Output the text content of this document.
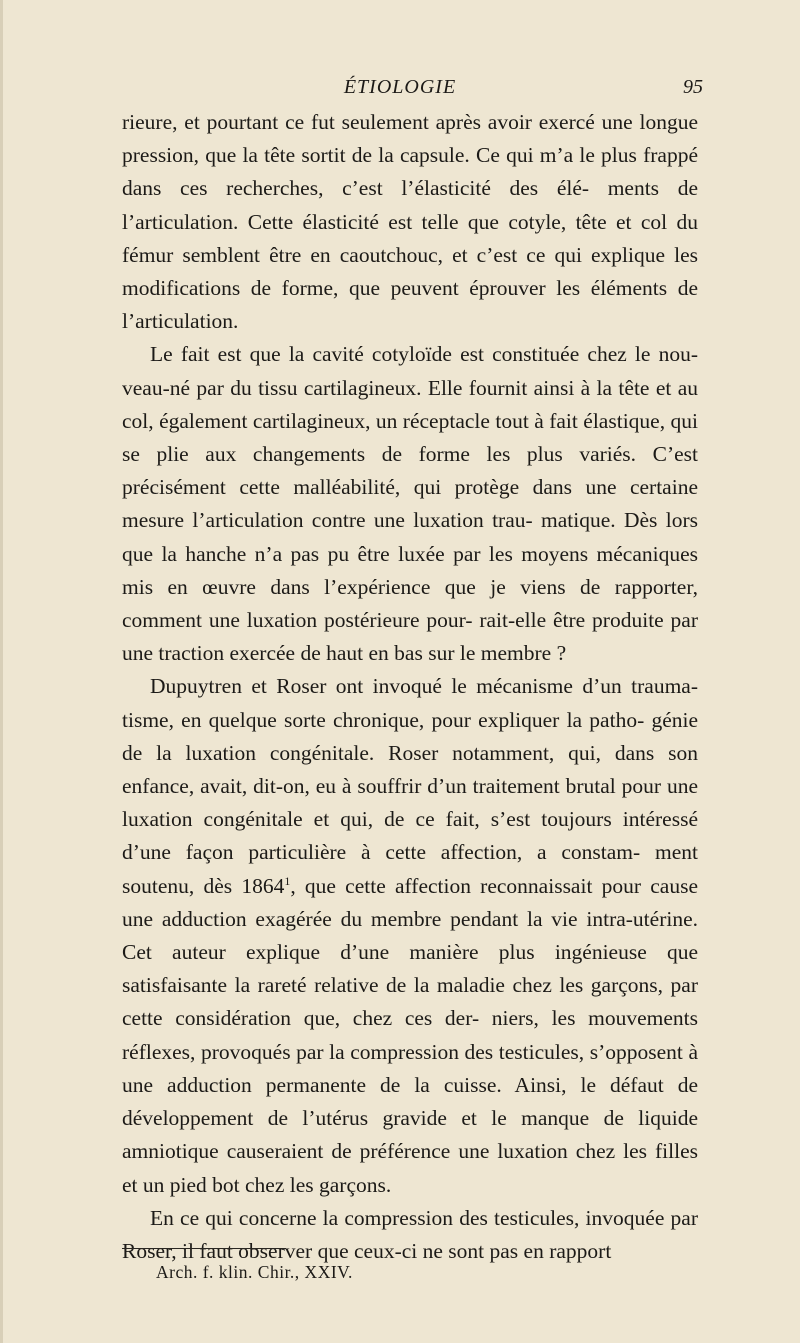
ÉTIOLOGIE	95

rieure, et pourtant ce fut seulement après avoir exercé une longue pression, que la tête sortit de la capsule. Ce qui m’a le plus frappé dans ces recherches, c’est l’élasticité des élé- ments de l’articulation. Cette élasticité est telle que cotyle, tête et col du fémur semblent être en caoutchouc, et c’est ce qui explique les modifications de forme, que peuvent éprouver les éléments de l’articulation.

Le fait est que la cavité cotyloïde est constituée chez le nou- veau-né par du tissu cartilagineux. Elle fournit ainsi à la tête et au col, également cartilagineux, un réceptacle tout à fait élastique, qui se plie aux changements de forme les plus variés. C’est précisément cette malléabilité, qui protège dans une certaine mesure l’articulation contre une luxation trau- matique. Dès lors que la hanche n’a pas pu être luxée par les moyens mécaniques mis en œuvre dans l’expérience que je viens de rapporter, comment une luxation postérieure pour- rait-elle être produite par une traction exercée de haut en bas sur le membre ?

Dupuytren et Roser ont invoqué le mécanisme d’un trauma- tisme, en quelque sorte chronique, pour expliquer la patho- génie de la luxation congénitale. Roser notamment, qui, dans son enfance, avait, dit-on, eu à souffrir d’un traitement brutal pour une luxation congénitale et qui, de ce fait, s’est toujours intéressé d’une façon particulière à cette affection, a constam- ment soutenu, dès 1864$^1$, que cette affection reconnaissait pour cause une adduction exagérée du membre pendant la vie intra-utérine. Cet auteur explique d’une manière plus ingénieuse que satisfaisante la rareté relative de la maladie chez les garçons, par cette considération que, chez ces der- niers, les mouvements réflexes, provoqués par la compression des testicules, s’opposent à une adduction permanente de la cuisse. Ainsi, le défaut de développement de l’utérus gravide et le manque de liquide amniotique causeraient de préférence une luxation chez les filles et un pied bot chez les garçons.

En ce qui concerne la compression des testicules, invoquée par Roser, il faut observer que ceux-ci ne sont pas en rapport

Arch. f. klin. Chir., XXIV.
